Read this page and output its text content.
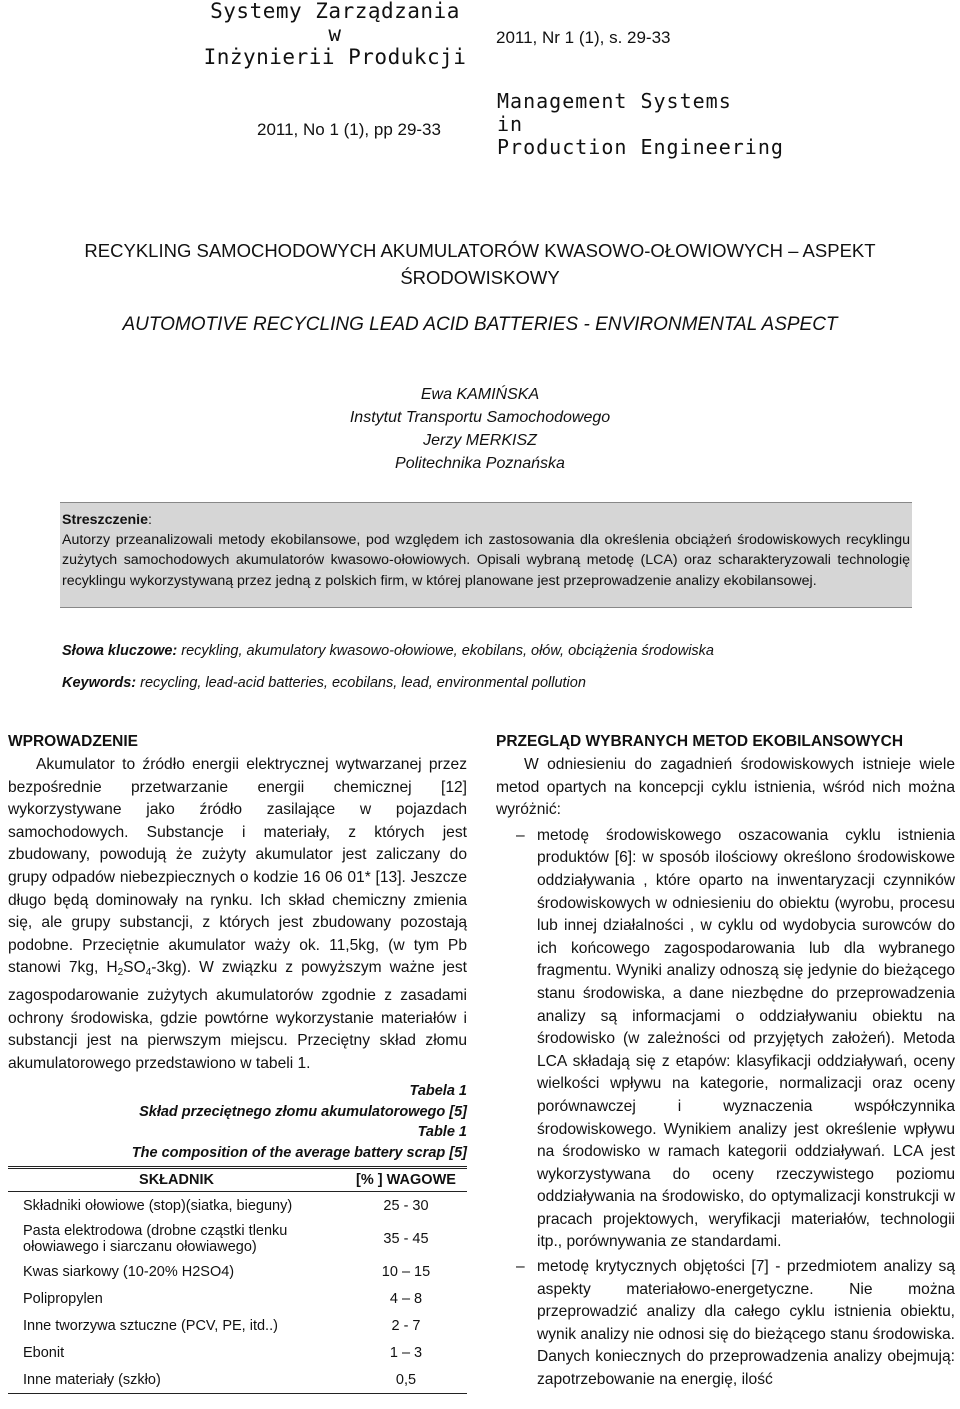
Systemy Zarządzania
w
Inżynierii Produkcji
2011, Nr 1 (1), s. 29-33
2011, No 1 (1), pp 29-33
Management Systems
in
Production Engineering
RECYKLING SAMOCHODOWYCH AKUMULATORÓW KWASOWO-OŁOWIOWYCH – ASPEKT
ŚRODOWISKOWY
AUTOMOTIVE RECYCLING LEAD ACID BATTERIES - ENVIRONMENTAL ASPECT
Ewa KAMIŃSKA
Instytut Transportu Samochodowego
Jerzy MERKISZ
Politechnika Poznańska

Streszczenie:

Autorzy przeanalizowali metody ekobilansowe, pod względem ich zastosowania dla określenia obciążeń środowiskowych recyklingu zużytych samochodowych akumulatorów kwasowo-ołowiowych. Opisali wybraną metodę (LCA) oraz scharakteryzowali technologię recyklingu wykorzystywaną przez jedną z polskich firm, w której planowane jest przeprowadzenie analizy ekobilansowej.

Słowa kluczowe: recykling, akumulatory kwasowo-ołowiowe, ekobilans, ołów, obciążenia środowiska
Keywords: recycling, lead-acid batteries, ecobilans, lead, environmental pollution
WPROWADZENIE

Akumulator to źródło energii elektrycznej wytwarzanej przez bezpośrednie przetwarzanie energii chemicznej [12] wykorzystywane jako źródło zasilające w pojazdach samochodowych. Substancje i materiały, z których jest zbudowany, powodują że zużyty akumulator jest zaliczany do grupy odpadów niebezpiecznych o kodzie 16 06 01* [13]. Jeszcze długo będą dominowały na rynku. Ich skład chemiczny zmienia się, ale grupy substancji, z których jest zbudowany pozostają podobne. Przeciętnie akumulator waży ok. 11,5kg, (w tym Pb stanowi 7kg, $H_2SO_4-3kg$). W związku z powyższym ważne jest zagospodarowanie zużytych akumulatorów zgodnie z zasadami ochrony środowiska, gdzie powtórne wykorzystanie materiałów i substancji jest na pierwszym miejscu. Przeciętny skład złomu akumulatorowego przedstawiono w tabeli 1.

Tabela 1
Skład przeciętnego złomu akumulatorowego [5]
Table 1
The composition of the average battery scrap [5]
SKŁADNIK	[% ] WAGOWE
Składniki ołowiowe (stop)(siatka, bieguny)	25 - 30
Pasta elektrodowa (drobne cząstki tlenku ołowiawego i siarczanu ołowiawego)	35 - 45
Kwas siarkowy (10-20% H2SO4)	10 – 15
Polipropylen	4 – 8
Inne tworzywa sztuczne (PCV, PE, itd..)	2 - 7
Ebonit	1 – 3
Inne materiały (szkło)	0,5
PRZEGLĄD WYBRANYCH METOD EKOBILANSOWYCH

W odniesieniu do zagadnień środowiskowych istnieje wiele metod opartych na koncepcji cyklu istnienia, wśród nich można wyróżnić:

– metodę środowiskowego oszacowania cyklu istnienia produktów [6]: w sposób ilościowy określono środowiskowe oddziaływania , które oparto na inwentaryzacji czynników środowiskowych w odniesieniu do obiektu (wyrobu, procesu lub innej działalności , w cyklu od wydobycia surowców do ich końcowego zagospodarowania lub dla wybranego fragmentu. Wyniki analizy odnoszą się jedynie do bieżącego stanu środowiska, a dane niezbędne do przeprowadzenia analizy są informacjami o oddziaływaniu obiektu na środowisko (w zależności od przyjętych założeń). Metoda LCA składają się z etapów: klasyfikacji oddziaływań, oceny wielkości wpływu na kategorie, normalizacji oraz oceny porównawczej i wyznaczenia współczynnika środowiskowego. Wynikiem analizy jest określenie wpływu na środowisko w ramach kategorii oddziaływań. LCA jest wykorzystywana do oceny rzeczywistego poziomu oddziaływania na środowisko, do optymalizacji konstrukcji w pracach projektowych, weryfikacji materiałów, technologii itp., porównywania ze standardami.
– metodę krytycznych objętości [7] - przedmiotem analizy są aspekty materiałowo-energetyczne. Nie można przeprowadzić analizy dla całego cyklu istnienia obiektu, wynik analizy nie odnosi się do bieżącego stanu środowiska. Danych koniecznych do przeprowadzenia analizy obejmują: zapotrzebowanie na energię, ilość
